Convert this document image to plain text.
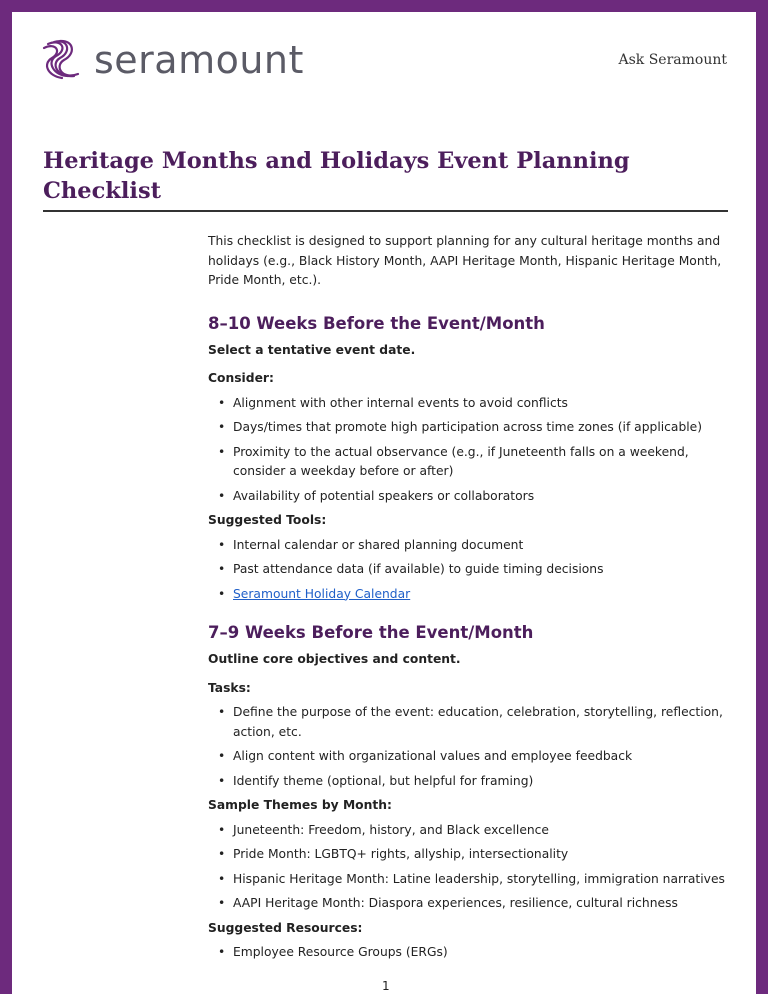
seramount	Ask Seramount
Heritage Months and Holidays Event Planning Checklist

This checklist is designed to support planning for any cultural heritage months and holidays (e.g., Black History Month, AAPI Heritage Month, Hispanic Heritage Month, Pride Month, etc.).

8–10 Weeks Before the Event/Month

Select a tentative event date.

Consider:

• Alignment with other internal events to avoid conflicts
• Days/times that promote high participation across time zones (if applicable)
• Proximity to the actual observance (e.g., if Juneteenth falls on a weekend, consider a weekday before or after)
• Availability of potential speakers or collaborators

Suggested Tools:

• Internal calendar or shared planning document
• Past attendance data (if available) to guide timing decisions
• Seramount Holiday Calendar
7–9 Weeks Before the Event/Month

Outline core objectives and content.

Tasks:

• Define the purpose of the event: education, celebration, storytelling, reflection, action, etc.
• Align content with organizational values and employee feedback
• Identify theme (optional, but helpful for framing)

Sample Themes by Month:

• Juneteenth: Freedom, history, and Black excellence
• Pride Month: LGBTQ+ rights, allyship, intersectionality
• Hispanic Heritage Month: Latine leadership, storytelling, immigration narratives
• AAPI Heritage Month: Diaspora experiences, resilience, cultural richness

Suggested Resources:

• Employee Resource Groups (ERGs)
1
